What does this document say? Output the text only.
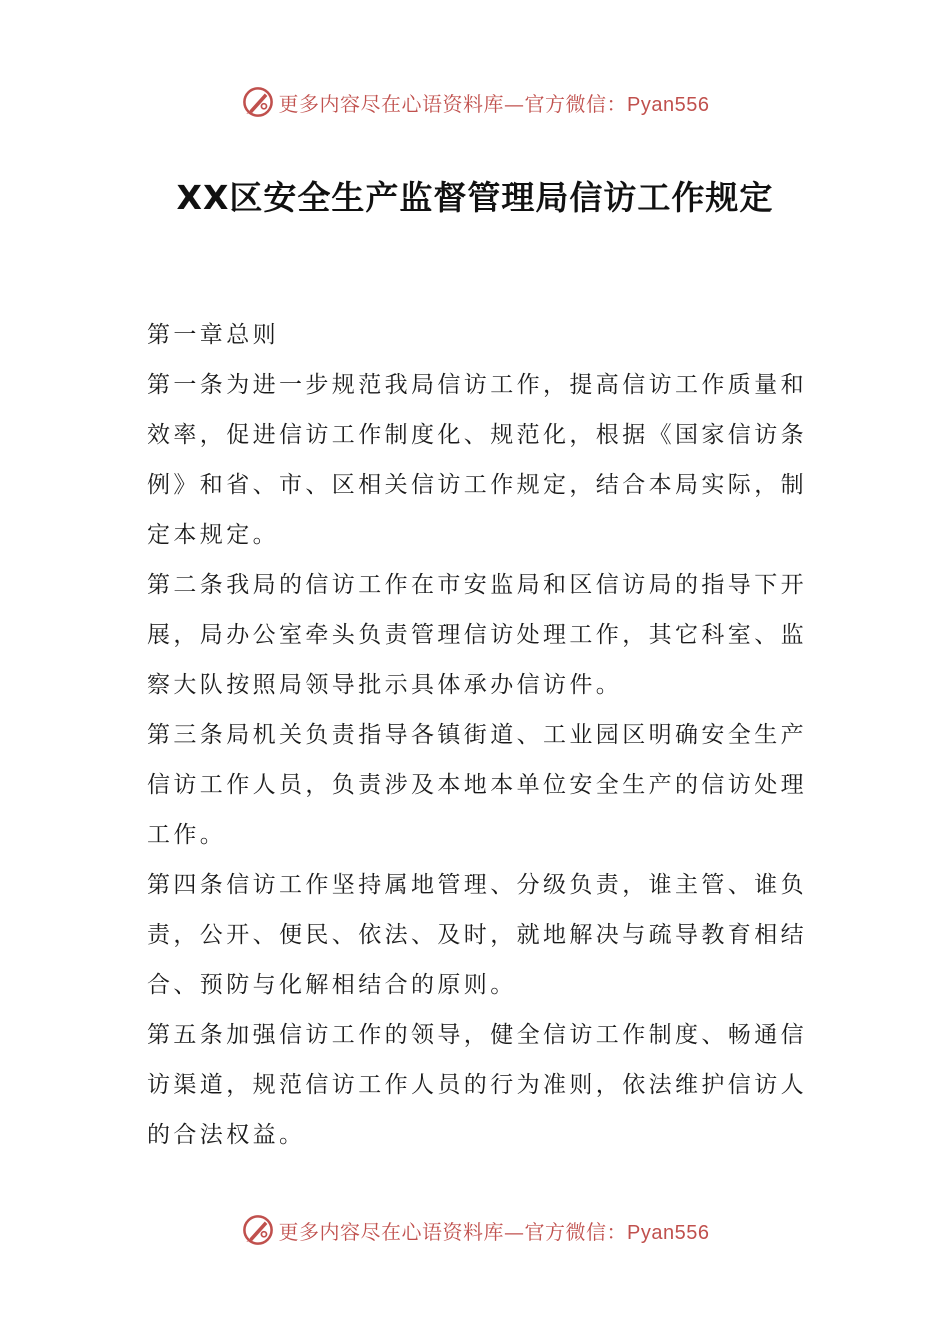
更多内容尽在心语资料库—官方微信：Pyan556
XX区安全生产监督管理局信访工作规定

第一章总则

第一条为进一步规范我局信访工作，提高信访工作质量和效率，促进信访工作制度化、规范化，根据《国家信访条例》和省、市、区相关信访工作规定，结合本局实际，制定本规定。

第二条我局的信访工作在市安监局和区信访局的指导下开展，局办公室牵头负责管理信访处理工作，其它科室、监察大队按照局领导批示具体承办信访件。

第三条局机关负责指导各镇街道、工业园区明确安全生产信访工作人员，负责涉及本地本单位安全生产的信访处理工作。

第四条信访工作坚持属地管理、分级负责，谁主管、谁负责，公开、便民、依法、及时，就地解决与疏导教育相结合、预防与化解相结合的原则。

第五条加强信访工作的领导，健全信访工作制度、畅通信访渠道，规范信访工作人员的行为准则，依法维护信访人的合法权益。

更多内容尽在心语资料库—官方微信：Pyan556
